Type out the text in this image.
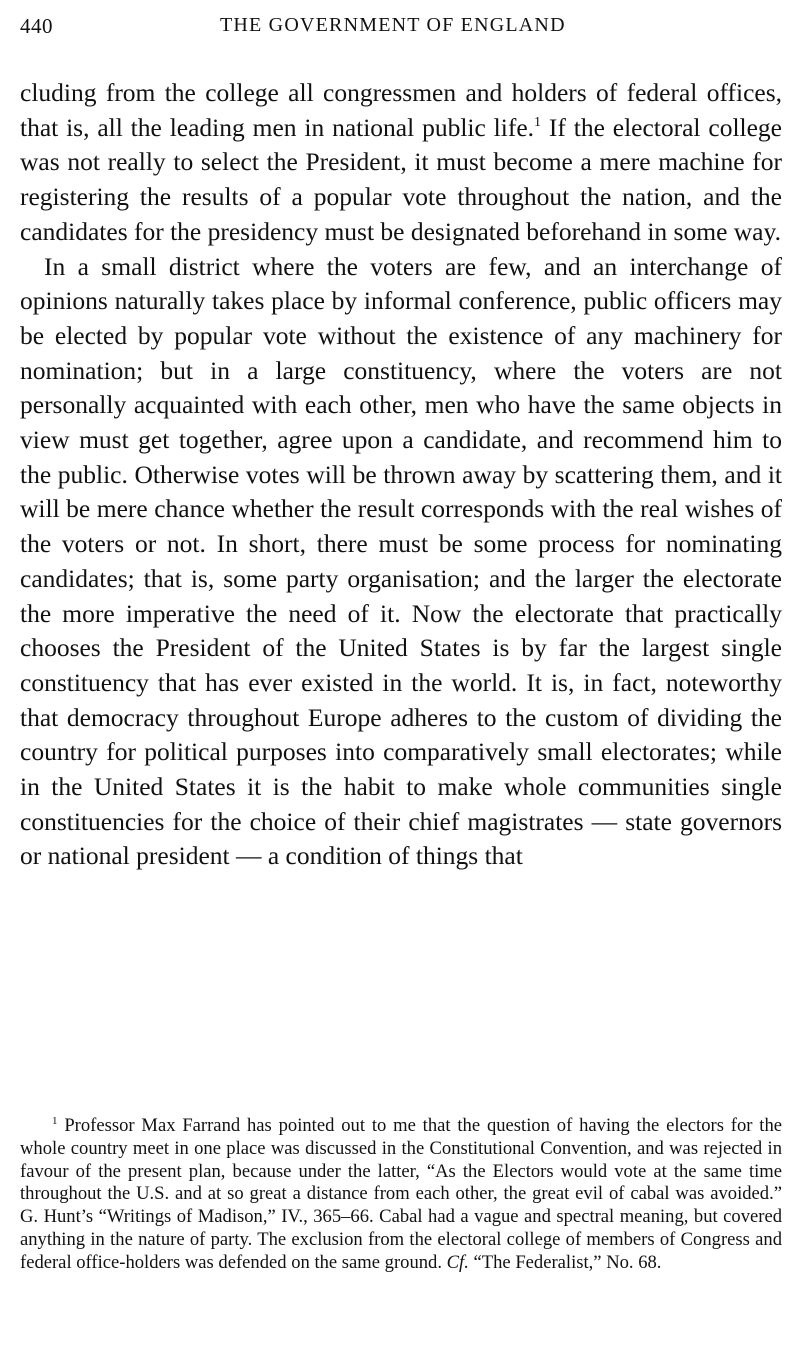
440	THE GOVERNMENT OF ENGLAND

cluding from the college all congressmen and holders of federal offices, that is, all the leading men in national public life.$^1$ If the electoral college was not really to select the President, it must become a mere machine for registering the results of a popular vote throughout the nation, and the candidates for the presidency must be designated beforehand in some way.

In a small district where the voters are few, and an interchange of opinions naturally takes place by informal conference, public officers may be elected by popular vote without the existence of any machinery for nomination; but in a large constituency, where the voters are not personally acquainted with each other, men who have the same objects in view must get together, agree upon a candidate, and recommend him to the public. Otherwise votes will be thrown away by scattering them, and it will be mere chance whether the result corresponds with the real wishes of the voters or not. In short, there must be some process for nominating candidates; that is, some party organisation; and the larger the electorate the more imperative the need of it. Now the electorate that practically chooses the President of the United States is by far the largest single constituency that has ever existed in the world. It is, in fact, noteworthy that democracy throughout Europe adheres to the custom of dividing the country for political purposes into comparatively small electorates; while in the United States it is the habit to make whole communities single constituencies for the choice of their chief magistrates — state governors or national president — a condition of things that

$^1$ Professor Max Farrand has pointed out to me that the question of having the electors for the whole country meet in one place was discussed in the Constitutional Convention, and was rejected in favour of the present plan, because under the latter, “As the Electors would vote at the same time throughout the U.S. and at so great a distance from each other, the great evil of cabal was avoided.” G. Hunt’s “Writings of Madison,” IV., 365–66. Cabal had a vague and spectral meaning, but covered anything in the nature of party. The exclusion from the electoral college of members of Congress and federal office-holders was defended on the same ground. Cf. “The Federalist,” No. 68.
